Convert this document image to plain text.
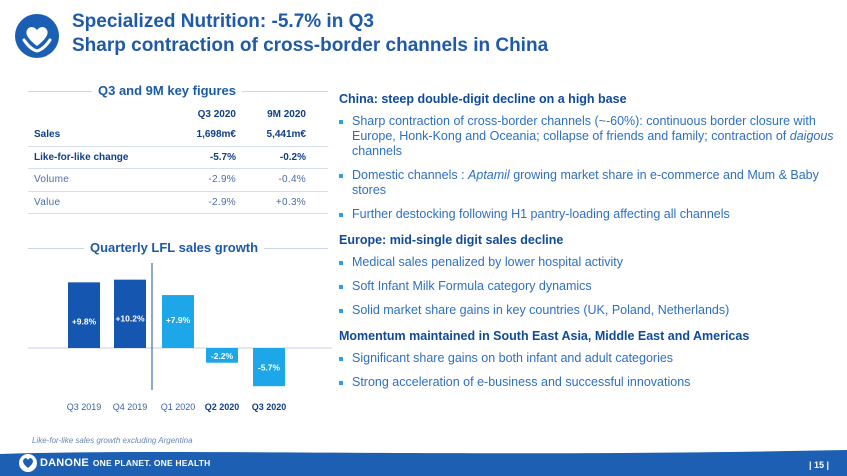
Specialized Nutrition: -5.7% in Q3
Sharp contraction of cross-border channels in China
Q3 and 9M key figures
Q3 2020	9M 2020
Sales	1,698m€	5,441m€
Like-for-like change	-5.7%	-0.2%
Volume	-2.9%	-0.4%
Value	-2.9%	+0.3%
Quarterly LFL sales growth
+9.8%
Q3 2019
+10.2%
Q4 2019
+7.9%
Q1 2020
-2.2%
Q2 2020
-5.7%
Q3 2020
China: steep double-digit decline on a high base
Sharp contraction of cross-border channels (~-60%): continuous border closure with Europe, Honk-Kong and Oceania; collapse of friends and family; contraction of daigous channels
Domestic channels : Aptamil growing market share in e-commerce and Mum & Baby stores
Further destocking following H1 pantry-loading affecting all channels
Europe: mid-single digit sales decline
Medical sales penalized by lower hospital activity
Soft Infant Milk Formula category dynamics
Solid market share gains in key countries (UK, Poland, Netherlands)
Momentum maintained in South East Asia, Middle East and Americas
Significant share gains on both infant and adult categories
Strong acceleration of e-business and successful innovations
Like-for-like sales growth excluding Argentina
DANONE ONE PLANET. ONE HEALTH	| 15 |
